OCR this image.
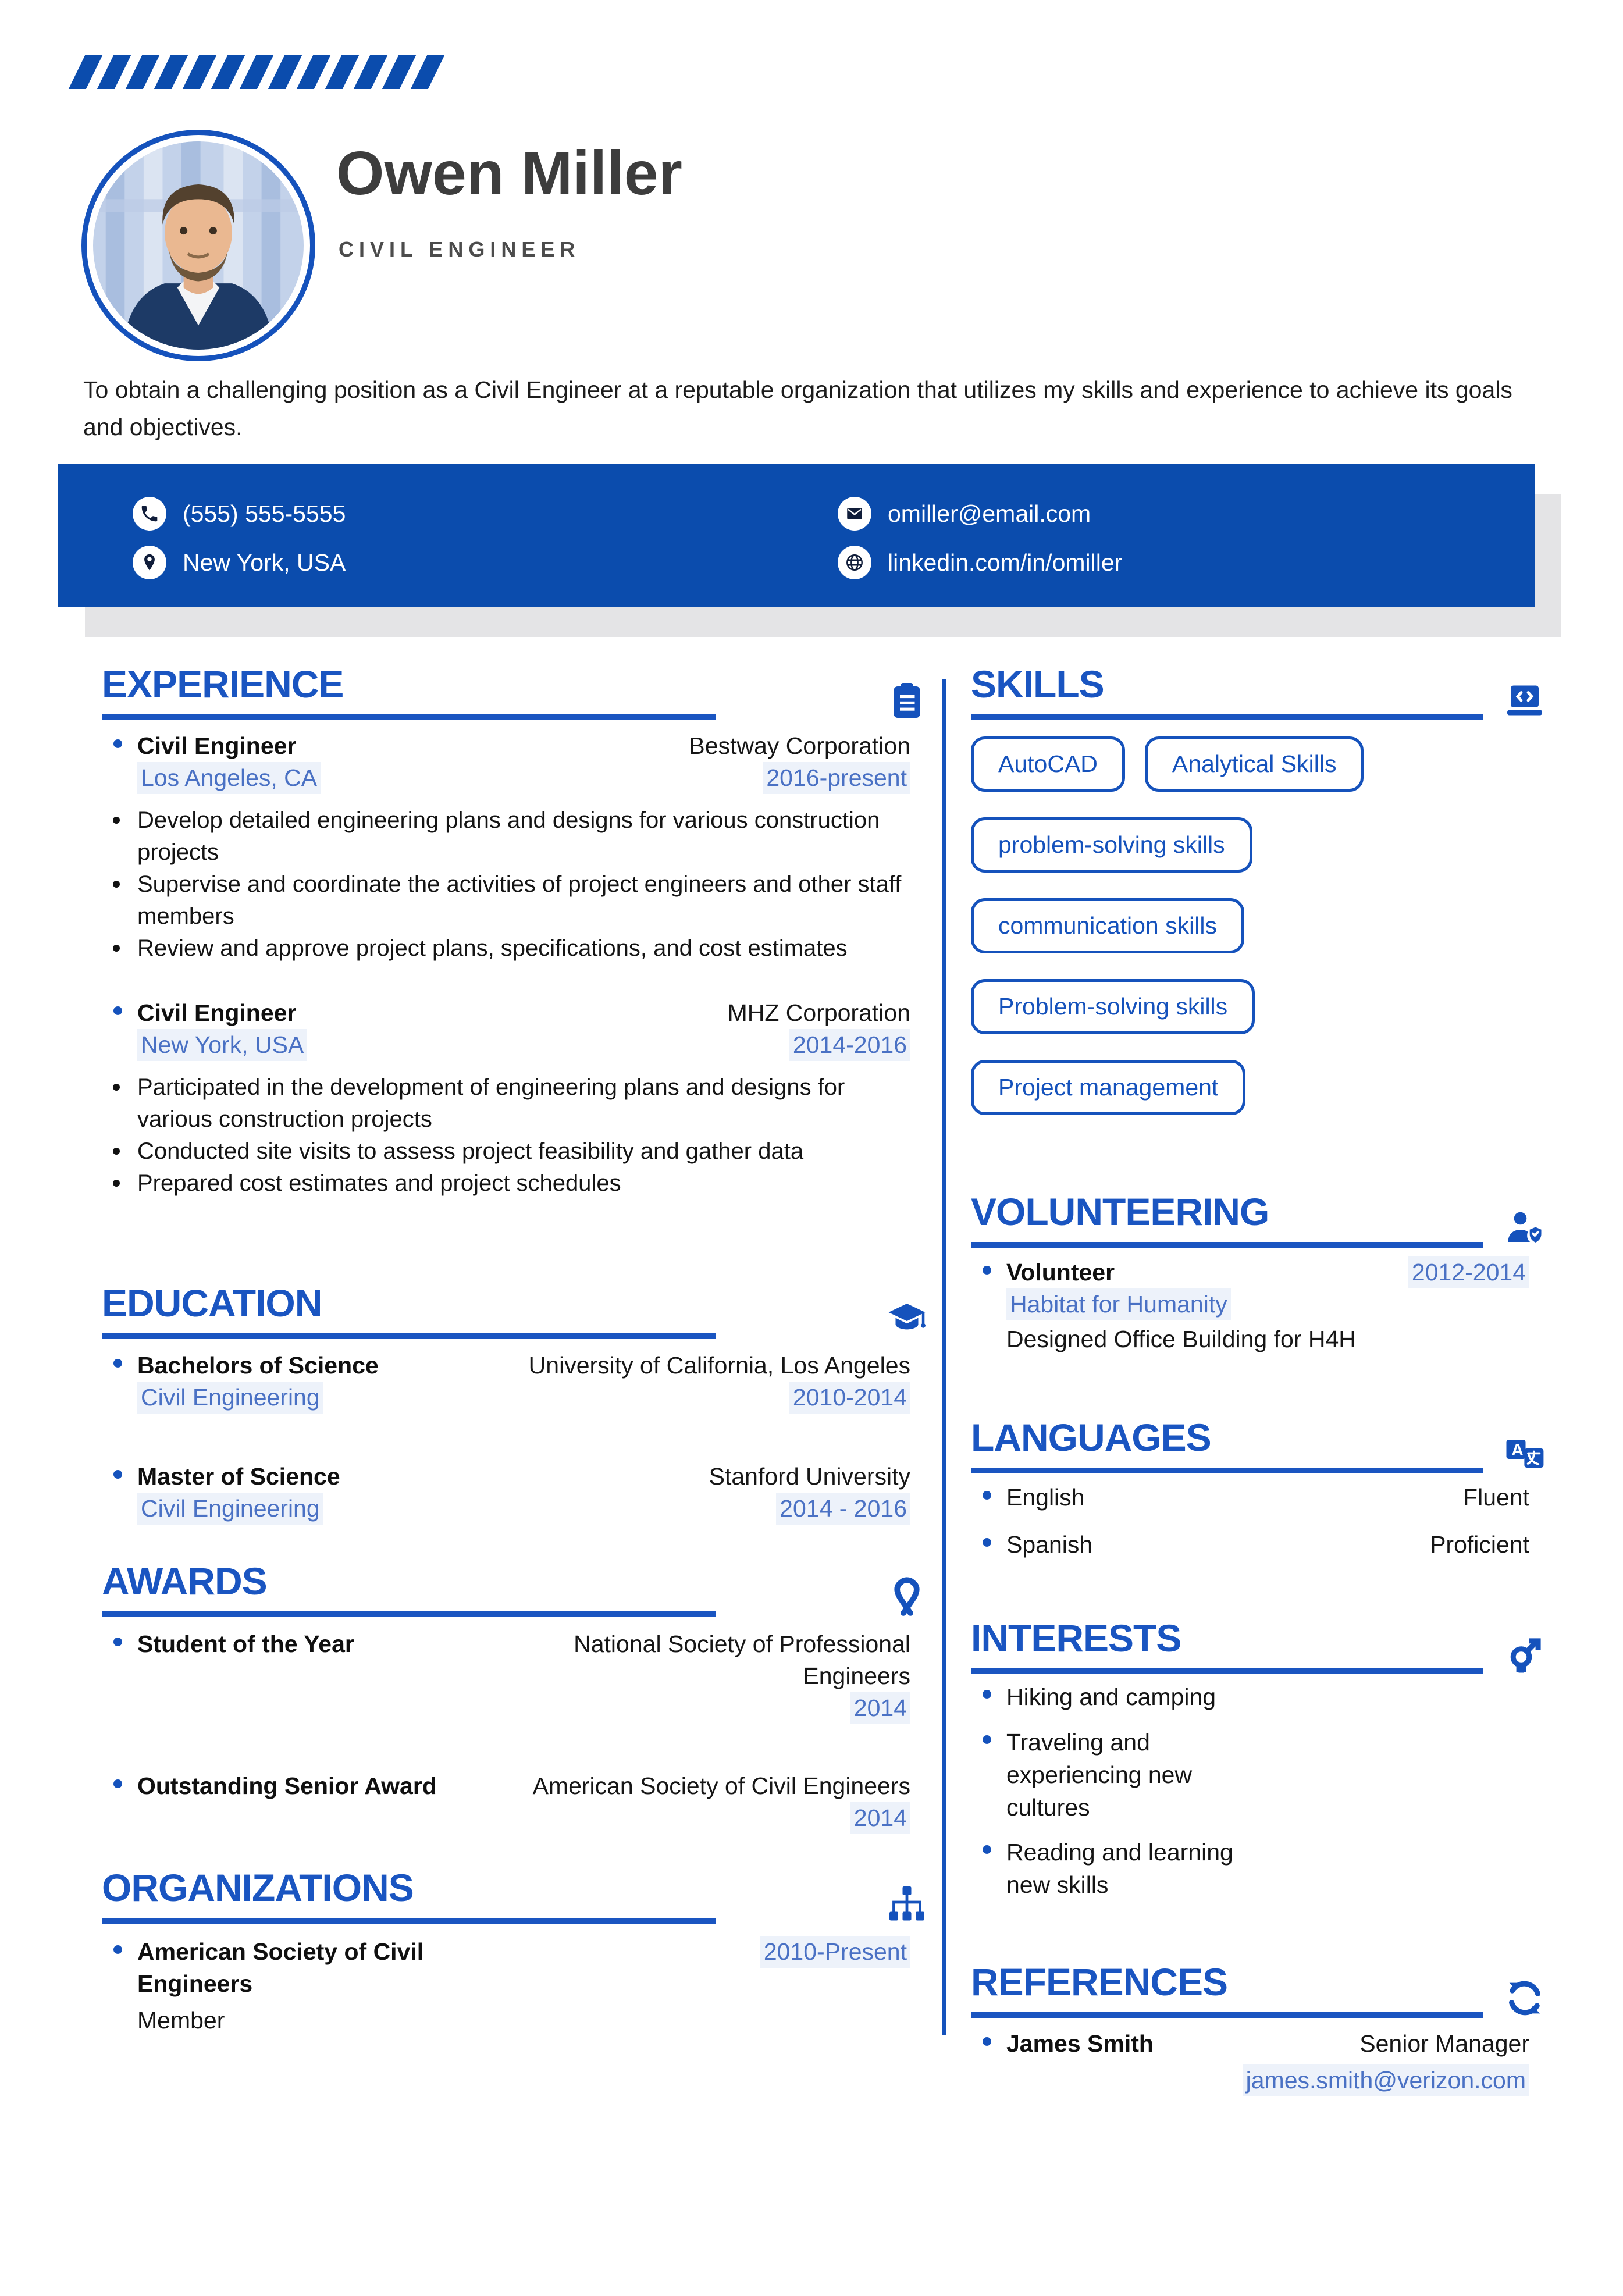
Owen Miller
CIVIL ENGINEER
To obtain a challenging position as a Civil Engineer at a reputable organization that utilizes my skills and experience to achieve its goals and objectives.
(555) 555-5555
New York, USA
omiller@email.com
linkedin.com/in/omiller
EXPERIENCE
Civil Engineer	Bestway Corporation
Los Angeles, CA	2016-present
Develop detailed engineering plans and designs for various construction projects
Supervise and coordinate the activities of project engineers and other staff members
Review and approve project plans, specifications, and cost estimates
Civil Engineer	MHZ Corporation
New York, USA	2014-2016
Participated in the development of engineering plans and designs for various construction projects
Conducted site visits to assess project feasibility and gather data
Prepared cost estimates and project schedules
EDUCATION
Bachelors of Science	University of California, Los Angeles
Civil Engineering	2010-2014
Master of Science	Stanford University
Civil Engineering	2014 - 2016
AWARDS
Student of the Year	National Society of Professional Engineers
2014
Outstanding Senior Award	American Society of Civil Engineers
2014
ORGANIZATIONS
American Society of Civil Engineers
2010-Present
Member
SKILLS
AutoCAD	Analytical Skills
problem-solving skills
communication skills
Problem-solving skills
Project management
VOLUNTEERING
Volunteer	2012-2014
Habitat for Humanity
Designed Office Building for H4H
LANGUAGES	A
English	Fluent
Spanish	Proficient
INTERESTS
Hiking and camping
Traveling and experiencing new cultures
Reading and learning new skills
REFERENCES
James Smith	Senior Manager
james.smith@verizon.com
